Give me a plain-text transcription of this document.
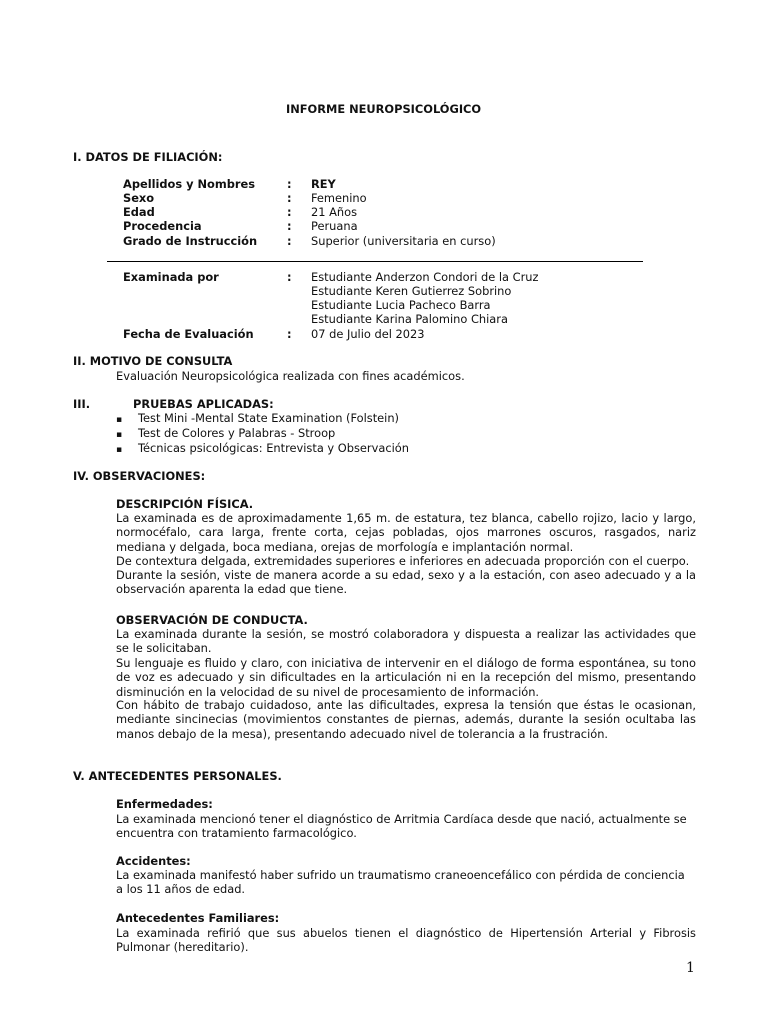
INFORME NEUROPSICOLÓGICO
I. DATOS DE FILIACIÓN:
Apellidos y Nombres	: REY
Sexo	: Femenino
Edad	: 21 Años
Procedencia	: Peruana
Grado de Instrucción	: Superior (universitaria en curso)
Examinada por	: Estudiante Anderzon Condori de la Cruz
Estudiante Keren Gutierrez Sobrino
Estudiante Lucia Pacheco Barra
Estudiante Karina Palomino Chiara
Fecha de Evaluación	: 07 de Julio del 2023
II. MOTIVO DE CONSULTA
Evaluación Neuropsicológica realizada con fines académicos.
III.	PRUEBAS APLICADAS:
▪ Test Mini -Mental State Examination (Folstein)
▪ Test de Colores y Palabras - Stroop
▪ Técnicas psicológicas: Entrevista y Observación
IV. OBSERVACIONES:
DESCRIPCIÓN FÍSICA.
La examinada es de aproximadamente 1,65 m. de estatura, tez blanca, cabello rojizo, lacio y largo, normocéfalo, cara larga, frente corta, cejas pobladas, ojos marrones oscuros, rasgados, nariz mediana y delgada, boca mediana, orejas de morfología e implantación normal.
De contextura delgada, extremidades superiores e inferiores en adecuada proporción con el cuerpo.
Durante la sesión, viste de manera acorde a su edad, sexo y a la estación, con aseo adecuado y a la observación aparenta la edad que tiene.
OBSERVACIÓN DE CONDUCTA.
La examinada durante la sesión, se mostró colaboradora y dispuesta a realizar las actividades que se le solicitaban.
Su lenguaje es fluido y claro, con iniciativa de intervenir en el diálogo de forma espontánea, su tono de voz es adecuado y sin dificultades en la articulación ni en la recepción del mismo, presentando disminución en la velocidad de su nivel de procesamiento de información.
Con hábito de trabajo cuidadoso, ante las dificultades, expresa la tensión que éstas le ocasionan, mediante sincinecias (movimientos constantes de piernas, además, durante la sesión ocultaba las manos debajo de la mesa), presentando adecuado nivel de tolerancia a la frustración.
V. ANTECEDENTES PERSONALES.
Enfermedades:
La examinada mencionó tener el diagnóstico de Arritmia Cardíaca desde que nació, actualmente se
encuentra con tratamiento farmacológico.
Accidentes:
La examinada manifestó haber sufrido un traumatismo craneoencefálico con pérdida de conciencia
a los 11 años de edad.
Antecedentes Familiares:
La examinada refirió que sus abuelos tienen el diagnóstico de Hipertensión Arterial y Fibrosis Pulmonar (hereditario).
1
